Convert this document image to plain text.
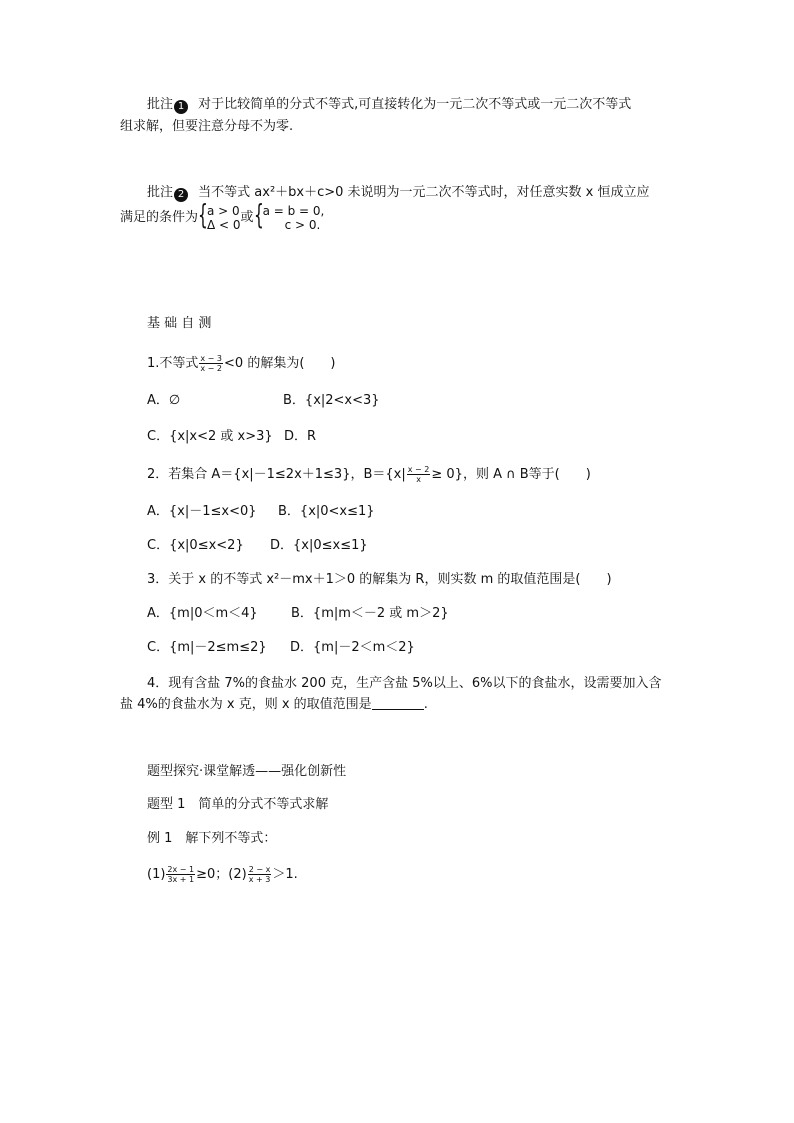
批注 1 对于比较简单的分式不等式,可直接转化为一元二次不等式或一元二次不等式
组求解，但要注意分母不为零.
批注 2 当不等式 ax²＋bx＋c>0 未说明为一元二次不等式时，对任意实数 x 恒成立应
满足的条件为 { a > 0
Δ < 0 或 { a = b = 0,
c > 0.
基 础 自 测
1.不等式 $\frac{x - 3}{x - 2} <0$ 的解集为(　　)
A．∅	B．{x|2<x<3}
C．{x|x<2 或 x>3} D．R
2．若集合 A＝{x|－1≤2x＋1≤3}，$B=\{x| \frac{x - 2}{x} \ge 0\}$，则 A ∩ B等于(　　)
A．{x|－1≤x<0} B．{x|0<x≤1}
C．{x|0≤x<2} D．{x|0≤x≤1}
3．关于 x 的不等式 x²－mx＋1＞0 的解集为 R，则实数 m 的取值范围是(　　)
A．{m|0＜m＜4}	B．{m|m＜－2 或 m＞2}
C．{m|－2≤m≤2} D．{m|－2＜m＜2}
4．现有含盐 7%的食盐水 200 克，生产含盐 5%以上、6%以下的食盐水，设需要加入含
盐 4%的食盐水为 x 克，则 x 的取值范围是	.
题型探究·课堂解透——强化创新性
题型 1　简单的分式不等式求解
例 1　解下列不等式：
$(1) \frac{2x - 1}{3x + 1} \ge 0$；$(2) \frac{2 - x}{x + 3} >1$.
